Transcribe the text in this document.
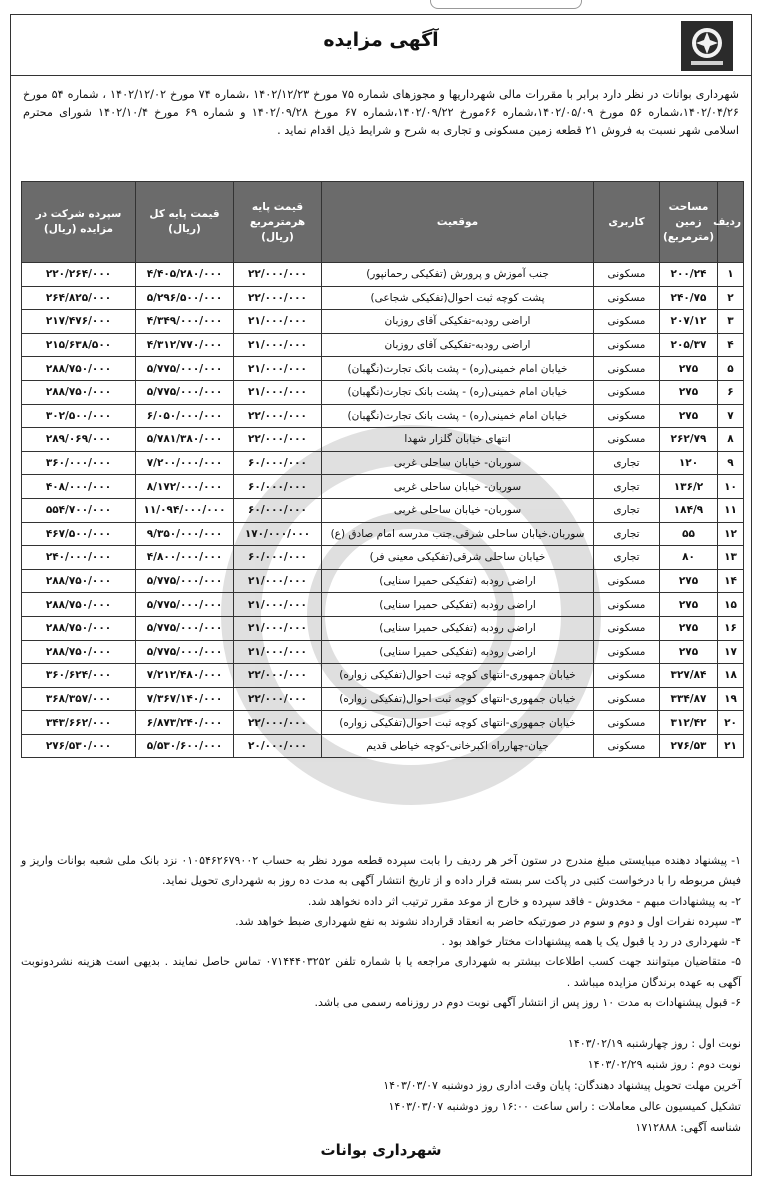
آگهی مزایده
شهرداری بوانات در نظر دارد برابر با مقررات مالی شهرداریها و مجوزهای شماره ۷۵ مورخ ۱۴۰۲/۱۲/۲۳ ،شماره ۷۴ مورخ ۱۴۰۲/۱۲/۰۲ ، شماره ۵۴ مورخ ۱۴۰۲/۰۴/۲۶،شماره ۵۶ مورخ ۱۴۰۲/۰۵/۰۹،شماره ۶۶مورخ ۱۴۰۲/۰۹/۲۲،شماره ۶۷ مورخ ۱۴۰۲/۰۹/۲۸ و شماره ۶۹ مورخ ۱۴۰۲/۱۰/۴ شورای محترم اسلامی شهر نسبت به فروش ۲۱ قطعه زمین مسکونی و تجاری به شرح و شرایط ذیل اقدام نماید .
ردیف	مساحت زمین (مترمربع)	کاربری	موقعیت	قیمت پایه هرمترمربع (ریال)	قیمت پایه کل (ریال)	سپرده شرکت در مزایده (ریال)
۱	۲۰۰/۲۴	مسکونی	جنب آموزش و پرورش (تفکیکی رحمانپور)	۲۲/۰۰۰/۰۰۰	۴/۴۰۵/۲۸۰/۰۰۰	۲۲۰/۲۶۴/۰۰۰
۲	۲۴۰/۷۵	مسکونی	پشت کوچه ثبت احوال(تفکیکی شجاعی)	۲۲/۰۰۰/۰۰۰	۵/۲۹۶/۵۰۰/۰۰۰	۲۶۴/۸۲۵/۰۰۰
۳	۲۰۷/۱۲	مسکونی	اراضی رودبه-تفکیکی آقای روزبان	۲۱/۰۰۰/۰۰۰	۴/۳۴۹/۰۰۰/۰۰۰	۲۱۷/۴۷۶/۰۰۰
۴	۲۰۵/۳۷	مسکونی	اراضی رودبه-تفکیکی آقای روزبان	۲۱/۰۰۰/۰۰۰	۴/۳۱۲/۷۷۰/۰۰۰	۲۱۵/۶۳۸/۵۰۰
۵	۲۷۵	مسکونی	خیابان امام خمینی(ره) - پشت بانک تجارت(نگهبان)	۲۱/۰۰۰/۰۰۰	۵/۷۷۵/۰۰۰/۰۰۰	۲۸۸/۷۵۰/۰۰۰
۶	۲۷۵	مسکونی	خیابان امام خمینی(ره) - پشت بانک تجارت(نگهبان)	۲۱/۰۰۰/۰۰۰	۵/۷۷۵/۰۰۰/۰۰۰	۲۸۸/۷۵۰/۰۰۰
۷	۲۷۵	مسکونی	خیابان امام خمینی(ره) - پشت بانک تجارت(نگهبان)	۲۲/۰۰۰/۰۰۰	۶/۰۵۰/۰۰۰/۰۰۰	۳۰۲/۵۰۰/۰۰۰
۸	۲۶۲/۷۹	مسکونی	انتهای خیابان گلزار شهدا	۲۲/۰۰۰/۰۰۰	۵/۷۸۱/۳۸۰/۰۰۰	۲۸۹/۰۶۹/۰۰۰
۹	۱۲۰	تجاری	سوربان- خیابان ساحلی غربی	۶۰/۰۰۰/۰۰۰	۷/۲۰۰/۰۰۰/۰۰۰	۳۶۰/۰۰۰/۰۰۰
۱۰	۱۳۶/۲	تجاری	سوربان- خیابان ساحلی غربی	۶۰/۰۰۰/۰۰۰	۸/۱۷۲/۰۰۰/۰۰۰	۴۰۸/۰۰۰/۰۰۰
۱۱	۱۸۴/۹	تجاری	سوربان- خیابان ساحلی غربی	۶۰/۰۰۰/۰۰۰	۱۱/۰۹۴/۰۰۰/۰۰۰	۵۵۴/۷۰۰/۰۰۰
۱۲	۵۵	تجاری	سوربان.خیابان ساحلی شرقی.جنب مدرسه امام صادق (ع)	۱۷۰/۰۰۰/۰۰۰	۹/۳۵۰/۰۰۰/۰۰۰	۴۶۷/۵۰۰/۰۰۰
۱۳	۸۰	تجاری	خیابان ساحلی شرقی(تفکیکی معینی فر)	۶۰/۰۰۰/۰۰۰	۴/۸۰۰/۰۰۰/۰۰۰	۲۴۰/۰۰۰/۰۰۰
۱۴	۲۷۵	مسکونی	اراضی رودبه (تفکیکی حمیرا سنایی)	۲۱/۰۰۰/۰۰۰	۵/۷۷۵/۰۰۰/۰۰۰	۲۸۸/۷۵۰/۰۰۰
۱۵	۲۷۵	مسکونی	اراضی رودبه (تفکیکی حمیرا سنایی)	۲۱/۰۰۰/۰۰۰	۵/۷۷۵/۰۰۰/۰۰۰	۲۸۸/۷۵۰/۰۰۰
۱۶	۲۷۵	مسکونی	اراضی رودبه (تفکیکی حمیرا سنایی)	۲۱/۰۰۰/۰۰۰	۵/۷۷۵/۰۰۰/۰۰۰	۲۸۸/۷۵۰/۰۰۰
۱۷	۲۷۵	مسکونی	اراضی رودبه (تفکیکی حمیرا سنایی)	۲۱/۰۰۰/۰۰۰	۵/۷۷۵/۰۰۰/۰۰۰	۲۸۸/۷۵۰/۰۰۰
۱۸	۳۲۷/۸۴	مسکونی	خیابان جمهوری-انتهای کوچه ثبت احوال(تفکیکی زواره)	۲۲/۰۰۰/۰۰۰	۷/۲۱۲/۴۸۰/۰۰۰	۳۶۰/۶۲۴/۰۰۰
۱۹	۳۳۴/۸۷	مسکونی	خیابان جمهوری-انتهای کوچه ثبت احوال(تفکیکی زواره)	۲۲/۰۰۰/۰۰۰	۷/۳۶۷/۱۴۰/۰۰۰	۳۶۸/۳۵۷/۰۰۰
۲۰	۳۱۲/۴۲	مسکونی	خیابان جمهوری-انتهای کوچه ثبت احوال(تفکیکی زواره)	۲۲/۰۰۰/۰۰۰	۶/۸۷۳/۲۴۰/۰۰۰	۳۴۳/۶۶۲/۰۰۰
۲۱	۲۷۶/۵۳	مسکونی	جیان-چهارراه اکبرخانی-کوچه خیاطی قدیم	۲۰/۰۰۰/۰۰۰	۵/۵۳۰/۶۰۰/۰۰۰	۲۷۶/۵۳۰/۰۰۰

۱- پیشنهاد دهنده میبایستی مبلغ مندرج در ستون آخر هر ردیف را بابت سپرده قطعه مورد نظر به حساب ۰۱۰۵۴۶۲۶۷۹۰۰۲ نزد بانک ملی شعبه بوانات واریز و فیش مربوطه را با درخواست کتبی در پاکت سر بسته قرار داده و از تاریخ انتشار آگهی به مدت ده روز به شهرداری تحویل نماید.

۲- به پیشنهادات مبهم - مخدوش - فاقد سپرده و خارج از موعد مقرر ترتیب اثر داده نخواهد شد.

۳- سپرده نفرات اول و دوم و سوم در صورتیکه حاضر به انعقاد قرارداد نشوند به نفع شهرداری ضبط خواهد شد.

۴- شهرداری در رد یا قبول یک یا همه پیشنهادات مختار خواهد بود .

۵- متقاضیان میتوانند جهت کسب اطلاعات بیشتر به شهرداری مراجعه یا با شماره تلفن ۰۷۱۴۴۴۰۳۲۵۲ تماس حاصل نمایند . بدیهی است هزینه نشردونوبت آگهی به عهده برندگان مزایده میباشد .

۶- قبول پیشنهادات به مدت ۱۰ روز پس از انتشار آگهی نوبت دوم در روزنامه رسمی می باشد.

نوبت اول : روز چهارشنبه ۱۴۰۳/۰۲/۱۹

نوبت دوم : روز شنبه ۱۴۰۳/۰۲/۲۹

آخرین مهلت تحویل پیشنهاد دهندگان: پایان وقت اداری روز دوشنبه ۱۴۰۳/۰۳/۰۷

تشکیل کمیسیون عالی معاملات : راس ساعت ۱۶:۰۰ روز دوشنبه ۱۴۰۳/۰۳/۰۷

شناسه آگهی: ۱۷۱۲۸۸۸

شهرداری بوانات
